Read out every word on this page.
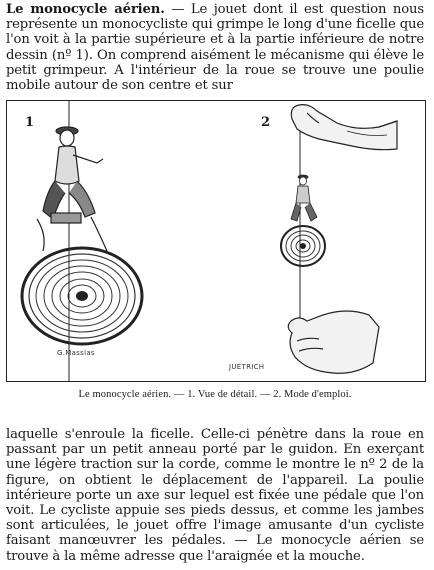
Le monocycle aérien. — Le jouet dont il est question nous représente un monocycliste qui grimpe le long d'une ficelle que l'on voit à la partie supérieure et à la partie inférieure de notre dessin (nº 1). On comprend aisément le mécanisme qui élève le petit grimpeur. A l'intérieur de la roue se trouve une poulie mobile autour de son centre et sur

1	2
G.Massias
JUETRICH
Le monocycle aérien. — 1. Vue de détail. — 2. Mode d'emploi.

laquelle s'enroule la ficelle. Celle-ci pénètre dans la roue en passant par un petit anneau porté par le guidon. En exerçant une légère traction sur la corde, comme le montre le nº 2 de la figure, on obtient le déplacement de l'appareil. La poulie intérieure porte un axe sur lequel est fixée une pédale que l'on voit. Le cycliste appuie ses pieds dessus, et comme les jambes sont articulées, le jouet offre l'image amusante d'un cycliste faisant manœuvrer les pédales. — Le monocycle aérien se trouve à la même adresse que l'araignée et la mouche.
